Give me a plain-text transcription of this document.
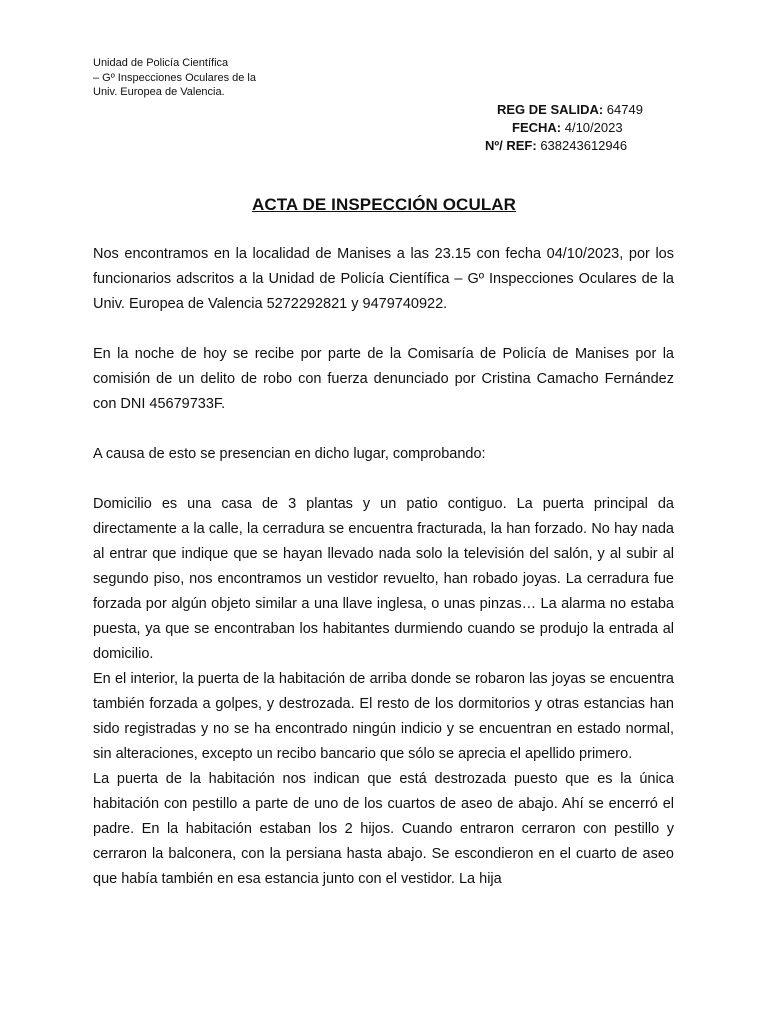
Unidad de Policía Científica
– Gº Inspecciones Oculares de la
Univ. Europea de Valencia.
REG DE SALIDA: 64749
FECHA: 4/10/2023
Nº/ REF: 638243612946
ACTA DE INSPECCIÓN OCULAR

Nos encontramos en la localidad de Manises a las 23.15 con fecha 04/10/2023, por los funcionarios adscritos a la Unidad de Policía Científica – Gº Inspecciones Oculares de la Univ. Europea de Valencia 5272292821 y 9479740922.

En la noche de hoy se recibe por parte de la Comisaría de Policía de Manises por la comisión de un delito de robo con fuerza denunciado por Cristina Camacho Fernández con DNI 45679733F.

A causa de esto se presencian en dicho lugar, comprobando:

Domicilio es una casa de 3 plantas y un patio contiguo. La puerta principal da directamente a la calle, la cerradura se encuentra fracturada, la han forzado. No hay nada al entrar que indique que se hayan llevado nada solo la televisión del salón, y al subir al segundo piso, nos encontramos un vestidor revuelto, han robado joyas. La cerradura fue forzada por algún objeto similar a una llave inglesa, o unas pinzas… La alarma no estaba puesta, ya que se encontraban los habitantes durmiendo cuando se produjo la entrada al domicilio.

En el interior, la puerta de la habitación de arriba donde se robaron las joyas se encuentra también forzada a golpes, y destrozada. El resto de los dormitorios y otras estancias han sido registradas y no se ha encontrado ningún indicio y se encuentran en estado normal, sin alteraciones, excepto un recibo bancario que sólo se aprecia el apellido primero.

La puerta de la habitación nos indican que está destrozada puesto que es la única habitación con pestillo a parte de uno de los cuartos de aseo de abajo. Ahí se encerró el padre. En la habitación estaban los 2 hijos. Cuando entraron cerraron con pestillo y cerraron la balconera, con la persiana hasta abajo. Se escondieron en el cuarto de aseo que había también en esa estancia junto con el vestidor. La hija
